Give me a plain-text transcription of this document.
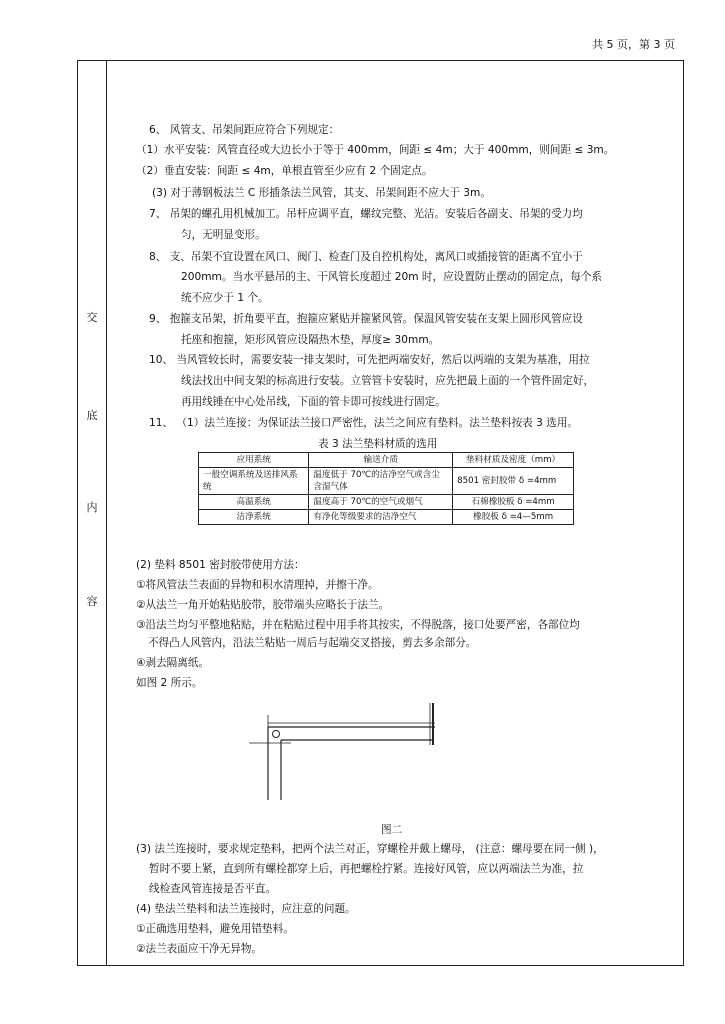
共 5 页，第 3 页
交
底
内
容
6、 风管支、吊架间距应符合下列规定：
（1）水平安装：风管直径或大边长小于等于 400mm，间距 ≤ 4m；大于 400mm，则间距 ≤ 3m。
（2）垂直安装：间距 ≤ 4m，单根直管至少应有 2 个固定点。
(3) 对于薄钢板法兰 C 形插条法兰风管，其支、吊架间距不应大于 3m。
7、 吊架的螺孔用机械加工。吊杆应调平直，螺纹完整、光洁。安装后各副支、吊架的受力均
匀，无明显变形。
8、 支、吊架不宜设置在风口、阀门、检查门及自控机构处，离风口或插接管的距离不宜小于
200mm。当水平悬吊的主、干风管长度超过 20m 时，应设置防止摆动的固定点，每个系
统不应少于 1 个。
9、 抱箍支吊架，折角要平直，抱箍应紧贴并箍紧风管。保温风管安装在支架上圆形风管应设
托座和抱箍，矩形风管应设隔热木垫，厚度≥ 30mm。
10、 当风管较长时，需要安装一排支架时，可先把两端安好，然后以两端的支架为基准，用拉
线法找出中间支架的标高进行安装。立管管卡安装时，应先把最上面的一个管件固定好，
再用线锤在中心处吊线，下面的管卡即可按线进行固定。
11、 （1）法兰连接：为保证法兰接口严密性，法兰之间应有垫料。法兰垫料按表 3 选用。
表 3 法兰垫料材质的选用
应用系统	输送介质	垫料材质及密度（mm）
一般空调系统及送排风系统	温度低于 70℃的洁净空气或含尘含湿气体	8501 密封胶带 δ =4mm
高温系统	温度高于 70℃的空气或烟气	石棉橡胶板 δ =4mm
洁净系统	有净化等级要求的洁净空气	橡胶板 δ =4—5mm
(2) 垫料 8501 密封胶带使用方法：
①将风管法兰表面的异物和积水清理掉，并擦干净。
②从法兰一角开始粘贴胶带，胶带端头应略长于法兰。
③沿法兰均匀平整地粘贴，并在粘贴过程中用手将其按实，不得脱落，接口处要严密，各部位均
不得凸人风管内，沿法兰粘贴一周后与起端交叉搭接，剪去多余部分。
④剥去隔离纸。
如图 2 所示。
图二
(3) 法兰连接时，要求规定垫料，把两个法兰对正，穿螺栓并戴上螺母， (注意：螺母要在同一侧 )，
暂时不要上紧，直到所有螺栓都穿上后，再把螺栓拧紧。连接好风管，应以两端法兰为准，拉
线检查风管连接是否平直。
(4) 垫法兰垫料和法兰连接时，应注意的问题。
①正确选用垫料，避免用错垫料。
②法兰表面应干净无异物。
